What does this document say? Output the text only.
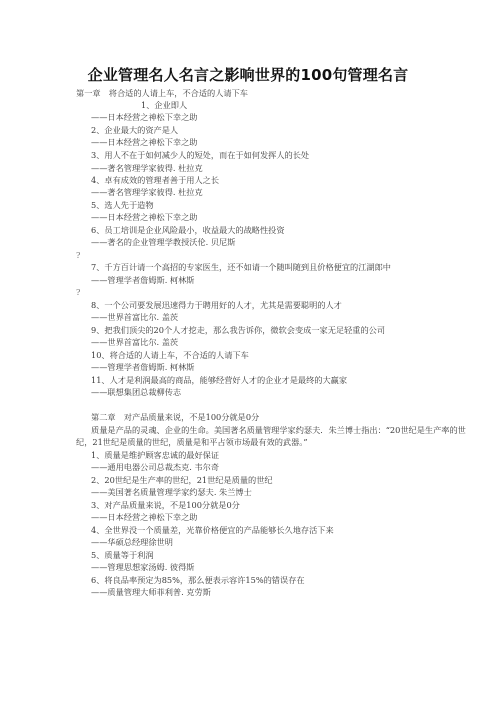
企业管理名人名言之影响世界的100句管理名言
第一章　将合适的人请上车，不合适的人请下车
1、企业即人
——日本经营之神松下幸之助
2、企业最大的资产是人
——日本经营之神松下幸之助
3、用人不在于如何减少人的短处，而在于如何发挥人的长处
——著名管理学家彼得. 杜拉克
4、卓有成效的管理者善于用人之长
——著名管理学家彼得. 杜拉克
5、选人先于造物
——日本经营之神松下幸之助
6、员工培训是企业风险最小，收益最大的战略性投资
——著名的企业管理学教授沃伦. 贝尼斯
?
7、千方百计请一个高招的专家医生，还不如请一个随叫随到且价格便宜的江湖郎中
——管理学者詹姆斯. 柯林斯
?
8、一个公司要发展迅速得力于聘用好的人才，尤其是需要聪明的人才
——世界首富比尔. 盖茨
9、把我们顶尖的20个人才挖走，那么我告诉你，微软会变成一家无足轻重的公司
——世界首富比尔. 盖茨
10、将合适的人请上车，不合适的人请下车
——管理学者詹姆斯. 柯林斯
11、人才是利润最高的商品，能够经营好人才的企业才是最终的大赢家
——联想集团总裁柳传志
第二章　对产品质量来说，不是100分就是0分
质量是产品的灵魂、企业的生命。美国著名质量管理学家约瑟夫．朱兰博士指出：“20世纪是生产率的世纪，21世纪是质量的世纪，质量是和平占领市场最有效的武器。”
1、质量是维护顾客忠诚的最好保证
——通用电器公司总裁杰克. 韦尔奇
2、20世纪是生产率的世纪，21世纪是质量的世纪
——美国著名质量管理学家约瑟夫. 朱兰博士
3、对产品质量来说，不是100分就是0分
——日本经营之神松下幸之助
4、全世界没一个质量差，光靠价格便宜的产品能够长久地存活下来
——华硕总经理徐世明
5、质量等于利润
——管理思想家汤姆. 彼得斯
6、将良品率预定为85%，那么便表示容许15%的错误存在
——质量管理大师菲利普. 克劳斯
